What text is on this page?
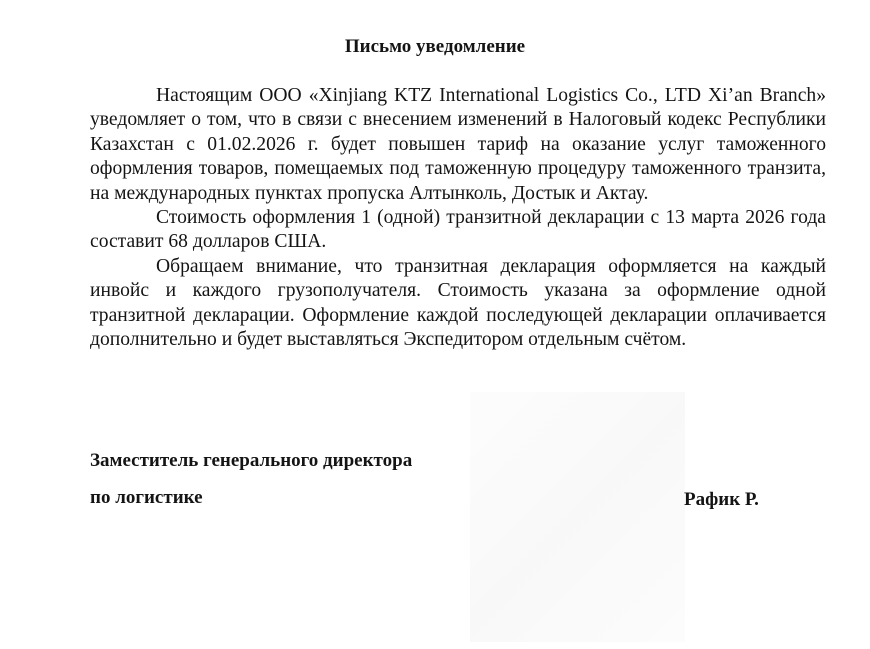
Письмо уведомление

Настоящим ООО «Xinjiang KTZ International Logistics Co., LTD Xi’an Branch» уведомляет о том, что в связи с внесением изменений в Налоговый кодекс Республики Казахстан с 01.02.2026 г. будет повышен тариф на оказание услуг таможенного оформления товаров, помещаемых под таможенную процедуру таможенного транзита, на международных пунктах пропуска Алтынколь, Достык и Актау.

Стоимость оформления 1 (одной) транзитной декларации с 13 марта 2026 года составит 68 долларов США.

Обращаем внимание, что транзитная декларация оформляется на каждый инвойс и каждого грузополучателя. Стоимость указана за оформление одной транзитной декларации. Оформление каждой последующей декларации оплачивается дополнительно и будет выставляться Экспедитором отдельным счётом.

Заместитель генерального директора

по логистике	Рафик Р.
